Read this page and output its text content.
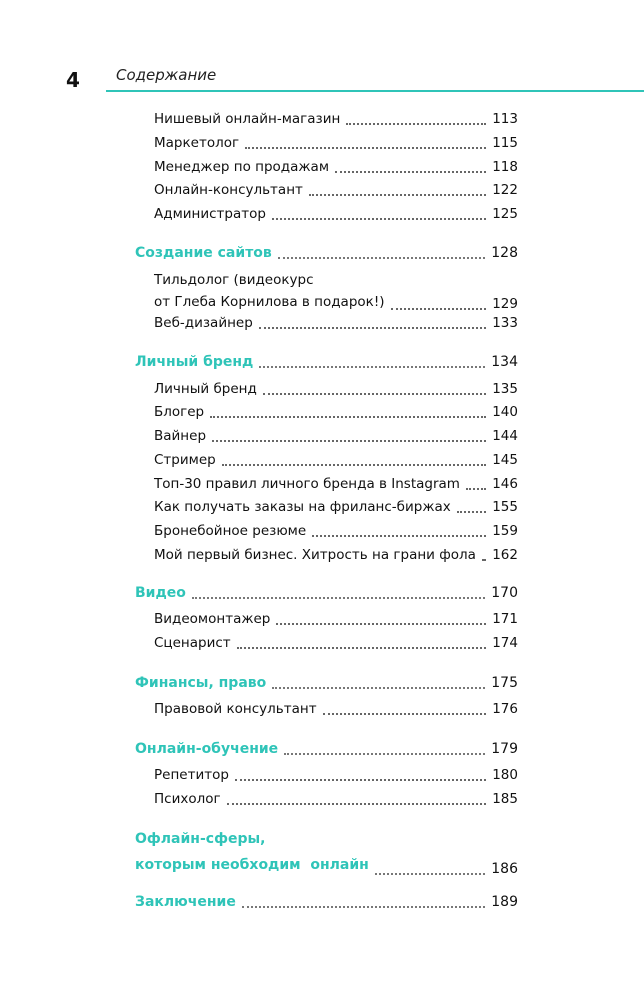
4 Содержание
Нишевый онлайн-магазин	113
Маркетолог	115
Менеджер по продажам	118
Онлайн-консультант	122
Администратор	125
Создание сайтов	128
Тильдолог (видеокурс
от Глеба Корнилова в подарок!)	129
Веб-дизайнер	133
Личный бренд	134
Личный бренд	135
Блогер	140
Вайнер	144
Стример	145
Топ-30 правил личного бренда в Instagram 146
Как получать заказы на фриланс-биржах	155
Бронебойное резюме	159
Мой первый бизнес. Хитрость на грани фола 162
Видео	170
Видеомонтажер	171
Сценарист	174
Финансы, право	175
Правовой консультант	176
Онлайн-обучение	179
Репетитор	180
Психолог	185
Офлайн-сферы,
которым необходим  онлайн	186
Заключение	189
